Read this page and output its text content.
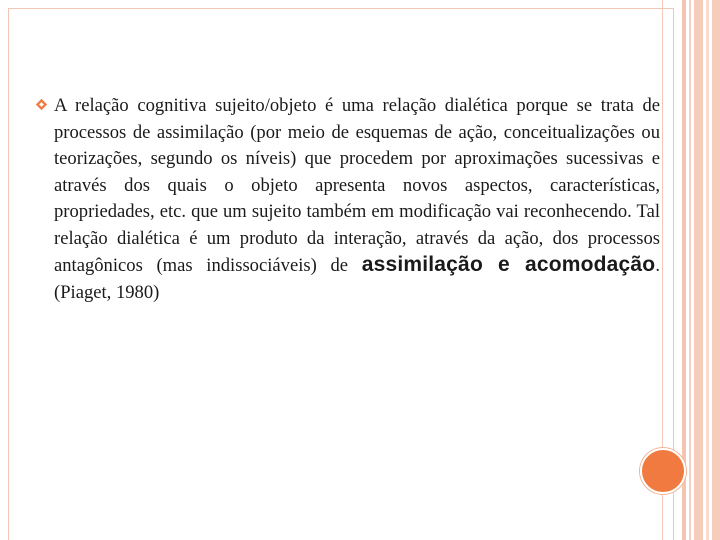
A relação cognitiva sujeito/objeto é uma relação dialética porque se trata de processos de assimilação (por meio de esquemas de ação, conceitualizações ou teorizações, segundo os níveis) que procedem por aproximações sucessivas e através dos quais o objeto apresenta novos aspectos, características, propriedades, etc. que um sujeito também em modificação vai reconhecendo. Tal relação dialética é um produto da interação, através da ação, dos processos antagônicos (mas indissociáveis) de assimilação e acomodação. (Piaget, 1980)
